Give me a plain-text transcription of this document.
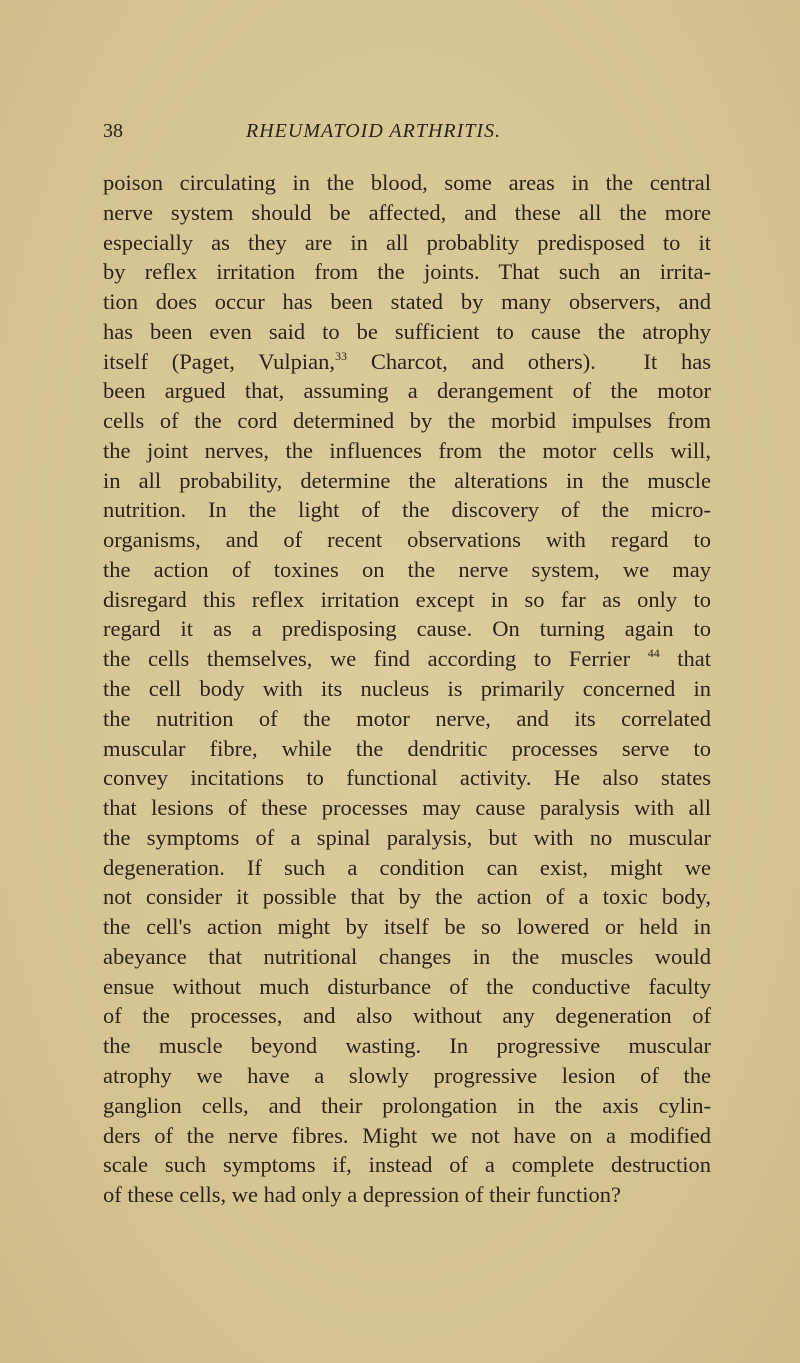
38	RHEUMATOID ARTHRITIS.
poison circulating in the blood, some areas in the central
nerve system should be affected, and these all the more
especially as they are in all probablity predisposed to it
by reflex irritation from the joints. That such an irrita-
tion does occur has been stated by many observers, and
has been even said to be sufficient to cause the atrophy
itself (Paget, Vulpian,$^{33}$ Charcot, and others).  It has
been argued that, assuming a derangement of the motor
cells of the cord determined by the morbid impulses from
the joint nerves, the influences from the motor cells will,
in all probability, determine the alterations in the muscle
nutrition. In the light of the discovery of the micro-
organisms, and of recent observations with regard to
the action of toxines on the nerve system, we may
disregard this reflex irritation except in so far as only to
regard it as a predisposing cause. On turning again to
the cells themselves, we find according to Ferrier $^{44}$ that
the cell body with its nucleus is primarily concerned in
the nutrition of the motor nerve, and its correlated
muscular fibre, while the dendritic processes serve to
convey incitations to functional activity. He also states
that lesions of these processes may cause paralysis with all
the symptoms of a spinal paralysis, but with no muscular
degeneration. If such a condition can exist, might we
not consider it possible that by the action of a toxic body,
the cell's action might by itself be so lowered or held in
abeyance that nutritional changes in the muscles would
ensue without much disturbance of the conductive faculty
of the processes, and also without any degeneration of
the muscle beyond wasting. In progressive muscular
atrophy we have a slowly progressive lesion of the
ganglion cells, and their prolongation in the axis cylin-
ders of the nerve fibres. Might we not have on a modified
scale such symptoms if, instead of a complete destruction
of these cells, we had only a depression of their function?
